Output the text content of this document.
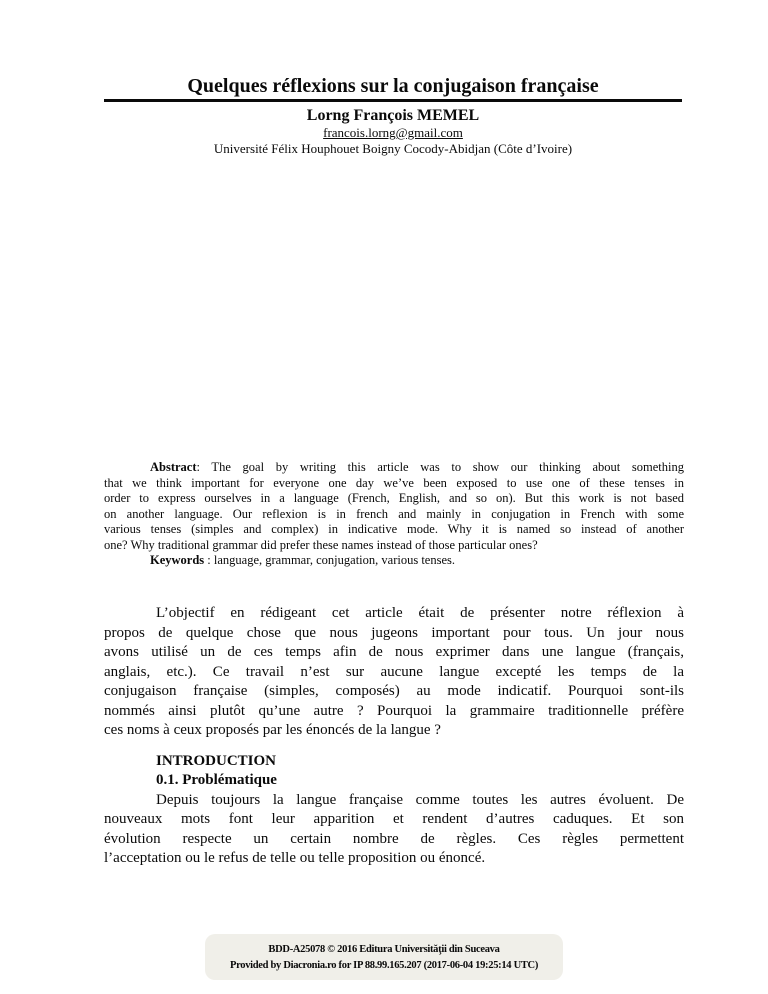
Quelques réflexions sur la conjugaison française
Lorng François MEMEL
francois.lorng@gmail.com
Université Félix Houphouet Boigny Cocody-Abidjan (Côte d’Ivoire)
Abstract: The goal by writing this article was to show our thinking about something
that we think important for everyone one day we’ve been exposed to use one of these tenses in
order to express ourselves in a language (French, English, and so on). But this work is not based
on another language. Our reflexion is in french and mainly in conjugation in French with some
various tenses (simples and complex) in indicative mode. Why it is named so instead of another
one? Why traditional grammar did prefer these names instead of those particular ones?
Keywords : language, grammar, conjugation, various tenses.
L’objectif en rédigeant cet article était de présenter notre réflexion à
propos de quelque chose que nous jugeons important pour tous. Un jour nous
avons utilisé un de ces temps afin de nous exprimer dans une langue (français,
anglais, etc.). Ce travail n’est sur aucune langue excepté les temps de la
conjugaison française (simples, composés) au mode indicatif. Pourquoi sont-ils
nommés ainsi plutôt qu’une autre ? Pourquoi la grammaire traditionnelle préfère
ces noms à ceux proposés par les énoncés de la langue ?
INTRODUCTION
0.1. Problématique
Depuis toujours la langue française comme toutes les autres évoluent. De
nouveaux mots font leur apparition et rendent d’autres caduques. Et son
évolution respecte un certain nombre de règles. Ces règles permettent
l’acceptation ou le refus de telle ou telle proposition ou énoncé.
BDD-A25078 © 2016 Editura Universităţii din Suceava
Provided by Diacronia.ro for IP 88.99.165.207 (2017-06-04 19:25:14 UTC)
